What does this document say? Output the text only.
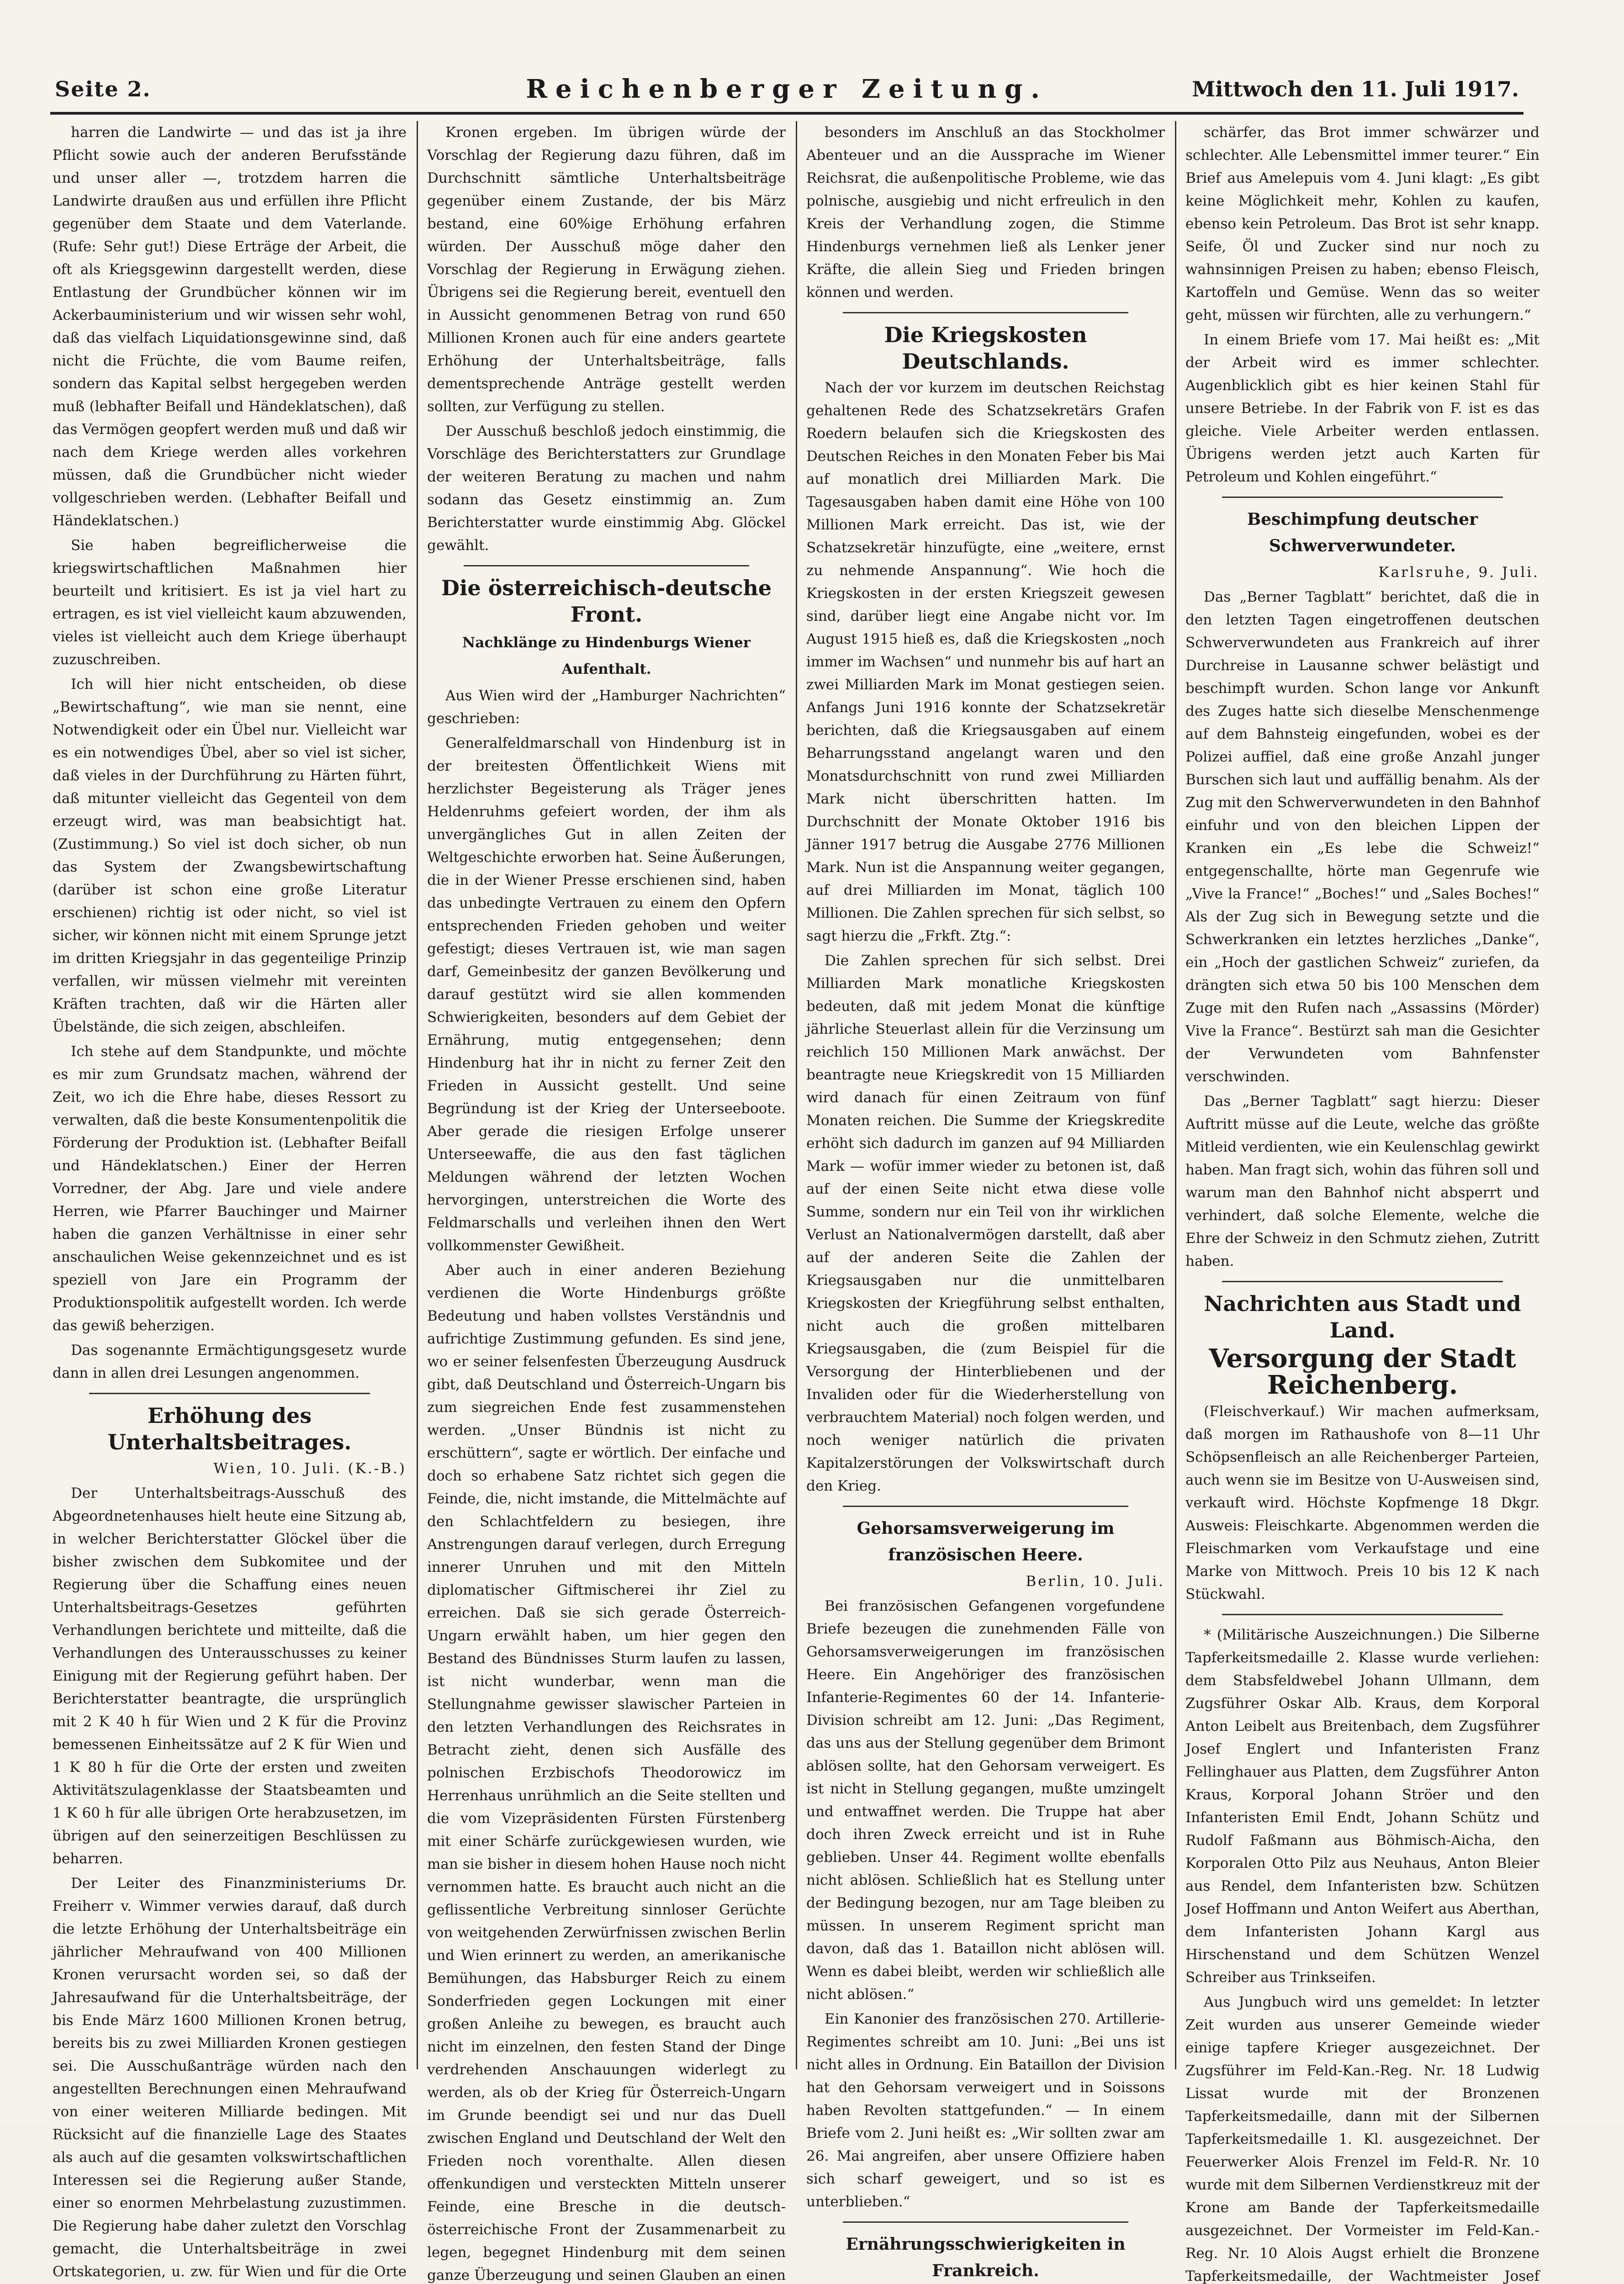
Seite 2.	Reichenberger Zeitung.	Mittwoch den 11. Juli 1917.

harren die Landwirte — und das ist ja ihre Pflicht sowie auch der anderen Berufsstände und unser aller —, trotzdem harren die Landwirte draußen aus und erfüllen ihre Pflicht gegenüber dem Staate und dem Vaterlande. (Rufe: Sehr gut!) Diese Erträge der Arbeit, die oft als Kriegsgewinn dargestellt werden, diese Entlastung der Grundbücher können wir im Ackerbauministerium und wir wissen sehr wohl, daß das vielfach Liquidationsgewinne sind, daß nicht die Früchte, die vom Baume reifen, sondern das Kapital selbst hergegeben werden muß (lebhafter Beifall und Händeklatschen), daß das Vermögen geopfert werden muß und daß wir nach dem Kriege werden alles vorkehren müssen, daß die Grundbücher nicht wieder vollgeschrieben werden. (Lebhafter Beifall und Händeklatschen.)

Sie haben begreiflicherweise die kriegswirtschaftlichen Maßnahmen hier beurteilt und kritisiert. Es ist ja viel hart zu ertragen, es ist viel vielleicht kaum abzuwenden, vieles ist vielleicht auch dem Kriege überhaupt zuzuschreiben.

Ich will hier nicht entscheiden, ob diese „Bewirtschaftung“, wie man sie nennt, eine Notwendigkeit oder ein Übel nur. Vielleicht war es ein notwendiges Übel, aber so viel ist sicher, daß vieles in der Durchführung zu Härten führt, daß mitunter vielleicht das Gegenteil von dem erzeugt wird, was man beabsichtigt hat. (Zustimmung.) So viel ist doch sicher, ob nun das System der Zwangsbewirtschaftung (darüber ist schon eine große Literatur erschienen) richtig ist oder nicht, so viel ist sicher, wir können nicht mit einem Sprunge jetzt im dritten Kriegsjahr in das gegenteilige Prinzip verfallen, wir müssen vielmehr mit vereinten Kräften trachten, daß wir die Härten aller Übelstände, die sich zeigen, abschleifen.

Ich stehe auf dem Standpunkte, und möchte es mir zum Grundsatz machen, während der Zeit, wo ich die Ehre habe, dieses Ressort zu verwalten, daß die beste Konsumentenpolitik die Förderung der Produktion ist. (Lebhafter Beifall und Händeklatschen.) Einer der Herren Vorredner, der Abg. Jare und viele andere Herren, wie Pfarrer Bauchinger und Mairner haben die ganzen Verhältnisse in einer sehr anschaulichen Weise gekennzeichnet und es ist speziell von Jare ein Programm der Produktionspolitik aufgestellt worden. Ich werde das gewiß beherzigen.

Das sogenannte Ermächtigungsgesetz wurde dann in allen drei Lesungen angenommen.

Erhöhung des Unterhaltsbeitrages.

Wien, 10. Juli. (K.-B.)

Der Unterhaltsbeitrags-Ausschuß des Abgeordnetenhauses hielt heute eine Sitzung ab, in welcher Berichterstatter Glöckel über die bisher zwischen dem Subkomitee und der Regierung über die Schaffung eines neuen Unterhaltsbeitrags-Gesetzes geführten Verhandlungen berichtete und mitteilte, daß die Verhandlungen des Unterausschusses zu keiner Einigung mit der Regierung geführt haben. Der Berichterstatter beantragte, die ursprünglich mit 2 K 40 h für Wien und 2 K für die Provinz bemessenen Einheitssätze auf 2 K für Wien und 1 K 80 h für die Orte der ersten und zweiten Aktivitätszulagenklasse der Staatsbeamten und 1 K 60 h für alle übrigen Orte herabzusetzen, im übrigen auf den seinerzeitigen Beschlüssen zu beharren.

Der Leiter des Finanzministeriums Dr. Freiherr v. Wimmer verwies darauf, daß durch die letzte Erhöhung der Unterhaltsbeiträge ein jährlicher Mehraufwand von 400 Millionen Kronen verursacht worden sei, so daß der Jahresaufwand für die Unterhaltsbeiträge, der bis Ende März 1600 Millionen Kronen betrug, bereits bis zu zwei Milliarden Kronen gestiegen sei. Die Ausschußanträge würden nach den angestellten Berechnungen einen Mehraufwand von einer weiteren Milliarde bedingen. Mit Rücksicht auf die finanzielle Lage des Staates als auch auf die gesamten volkswirtschaftlichen Interessen sei die Regierung außer Stande, einer so enormen Mehrbelastung zuzustimmen. Die Regierung habe daher zuletzt den Vorschlag gemacht, die Unterhaltsbeiträge in zwei Ortskategorien, u. zw. für Wien und für die Orte

Kronen ergeben. Im übrigen würde der Vorschlag der Regierung dazu führen, daß im Durchschnitt sämtliche Unterhaltsbeiträge gegenüber einem Zustande, der bis März bestand, eine 60%ige Erhöhung erfahren würden. Der Ausschuß möge daher den Vorschlag der Regierung in Erwägung ziehen. Übrigens sei die Regierung bereit, eventuell den in Aussicht genommenen Betrag von rund 650 Millionen Kronen auch für eine anders geartete Erhöhung der Unterhaltsbeiträge, falls dementsprechende Anträge gestellt werden sollten, zur Verfügung zu stellen.

Der Ausschuß beschloß jedoch einstimmig, die Vorschläge des Berichterstatters zur Grundlage der weiteren Beratung zu machen und nahm sodann das Gesetz einstimmig an. Zum Berichterstatter wurde einstimmig Abg. Glöckel gewählt.

Die österreichisch-deutsche Front.

Nachklänge zu Hindenburgs Wiener Aufenthalt.

Aus Wien wird der „Hamburger Nachrichten“ geschrieben:

Generalfeldmarschall von Hindenburg ist in der breitesten Öffentlichkeit Wiens mit herzlichster Begeisterung als Träger jenes Heldenruhms gefeiert worden, der ihm als unvergängliches Gut in allen Zeiten der Weltgeschichte erworben hat. Seine Äußerungen, die in der Wiener Presse erschienen sind, haben das unbedingte Vertrauen zu einem den Opfern entsprechenden Frieden gehoben und weiter gefestigt; dieses Vertrauen ist, wie man sagen darf, Gemeinbesitz der ganzen Bevölkerung und darauf gestützt wird sie allen kommenden Schwierigkeiten, besonders auf dem Gebiet der Ernährung, mutig entgegensehen; denn Hindenburg hat ihr in nicht zu ferner Zeit den Frieden in Aussicht gestellt. Und seine Begründung ist der Krieg der Unterseeboote. Aber gerade die riesigen Erfolge unserer Unterseewaffe, die aus den fast täglichen Meldungen während der letzten Wochen hervorgingen, unterstreichen die Worte des Feldmarschalls und verleihen ihnen den Wert vollkommenster Gewißheit.

Aber auch in einer anderen Beziehung verdienen die Worte Hindenburgs größte Bedeutung und haben vollstes Verständnis und aufrichtige Zustimmung gefunden. Es sind jene, wo er seiner felsenfesten Überzeugung Ausdruck gibt, daß Deutschland und Österreich-Ungarn bis zum siegreichen Ende fest zusammenstehen werden. „Unser Bündnis ist nicht zu erschüttern“, sagte er wörtlich. Der einfache und doch so erhabene Satz richtet sich gegen die Feinde, die, nicht imstande, die Mittelmächte auf den Schlachtfeldern zu besiegen, ihre Anstrengungen darauf verlegen, durch Erregung innerer Unruhen und mit den Mitteln diplomatischer Giftmischerei ihr Ziel zu erreichen. Daß sie sich gerade Österreich-Ungarn erwählt haben, um hier gegen den Bestand des Bündnisses Sturm laufen zu lassen, ist nicht wunderbar, wenn man die Stellungnahme gewisser slawischer Parteien in den letzten Verhandlungen des Reichsrates in Betracht zieht, denen sich Ausfälle des polnischen Erzbischofs Theodorowicz im Herrenhaus unrühmlich an die Seite stellten und die vom Vizepräsidenten Fürsten Fürstenberg mit einer Schärfe zurückgewiesen wurden, wie man sie bisher in diesem hohen Hause noch nicht vernommen hatte. Es braucht auch nicht an die geflissentliche Verbreitung sinnloser Gerüchte von weitgehenden Zerwürfnissen zwischen Berlin und Wien erinnert zu werden, an amerikanische Bemühungen, das Habsburger Reich zu einem Sonderfrieden gegen Lockungen mit einer großen Anleihe zu bewegen, es braucht auch nicht im einzelnen, den festen Stand der Dinge verdrehenden Anschauungen widerlegt zu werden, als ob der Krieg für Österreich-Ungarn im Grunde beendigt sei und nur das Duell zwischen England und Deutschland der Welt den Frieden noch vorenthalte. Allen diesen offenkundigen und versteckten Mitteln unserer Feinde, eine Bresche in die deutsch-österreichische Front der Zusammenarbeit zu legen, begegnet Hindenburg mit dem seinen ganze Überzeugung und seinen Glauben an einen

besonders im Anschluß an das Stockholmer Abenteuer und an die Aussprache im Wiener Reichsrat, die außenpolitische Probleme, wie das polnische, ausgiebig und nicht erfreulich in den Kreis der Verhandlung zogen, die Stimme Hindenburgs vernehmen ließ als Lenker jener Kräfte, die allein Sieg und Frieden bringen können und werden.

Die Kriegskosten Deutschlands.

Nach der vor kurzem im deutschen Reichstag gehaltenen Rede des Schatzsekretärs Grafen Roedern belaufen sich die Kriegskosten des Deutschen Reiches in den Monaten Feber bis Mai auf monatlich drei Milliarden Mark. Die Tagesausgaben haben damit eine Höhe von 100 Millionen Mark erreicht. Das ist, wie der Schatzsekretär hinzufügte, eine „weitere, ernst zu nehmende Anspannung“. Wie hoch die Kriegskosten in der ersten Kriegszeit gewesen sind, darüber liegt eine Angabe nicht vor. Im August 1915 hieß es, daß die Kriegskosten „noch immer im Wachsen“ und nunmehr bis auf hart an zwei Milliarden Mark im Monat gestiegen seien. Anfangs Juni 1916 konnte der Schatzsekretär berichten, daß die Kriegsausgaben auf einem Beharrungsstand angelangt waren und den Monatsdurchschnitt von rund zwei Milliarden Mark nicht überschritten hatten. Im Durchschnitt der Monate Oktober 1916 bis Jänner 1917 betrug die Ausgabe 2776 Millionen Mark. Nun ist die Anspannung weiter gegangen, auf drei Milliarden im Monat, täglich 100 Millionen. Die Zahlen sprechen für sich selbst, so sagt hierzu die „Frkft. Ztg.“:

Die Zahlen sprechen für sich selbst. Drei Milliarden Mark monatliche Kriegskosten bedeuten, daß mit jedem Monat die künftige jährliche Steuerlast allein für die Verzinsung um reichlich 150 Millionen Mark anwächst. Der beantragte neue Kriegskredit von 15 Milliarden wird danach für einen Zeitraum von fünf Monaten reichen. Die Summe der Kriegskredite erhöht sich dadurch im ganzen auf 94 Milliarden Mark — wofür immer wieder zu betonen ist, daß auf der einen Seite nicht etwa diese volle Summe, sondern nur ein Teil von ihr wirklichen Verlust an Nationalvermögen darstellt, daß aber auf der anderen Seite die Zahlen der Kriegsausgaben nur die unmittelbaren Kriegskosten der Kriegführung selbst enthalten, nicht auch die großen mittelbaren Kriegsausgaben, die (zum Beispiel für die Versorgung der Hinterbliebenen und der Invaliden oder für die Wiederherstellung von verbrauchtem Material) noch folgen werden, und noch weniger natürlich die privaten Kapitalzerstörungen der Volkswirtschaft durch den Krieg.

Gehorsamsverweigerung im französischen Heere.

Berlin, 10. Juli.

Bei französischen Gefangenen vorgefundene Briefe bezeugen die zunehmenden Fälle von Gehorsamsverweigerungen im französischen Heere. Ein Angehöriger des französischen Infanterie-Regimentes 60 der 14. Infanterie-Division schreibt am 12. Juni: „Das Regiment, das uns aus der Stellung gegenüber dem Brimont ablösen sollte, hat den Gehorsam verweigert. Es ist nicht in Stellung gegangen, mußte umzingelt und entwaffnet werden. Die Truppe hat aber doch ihren Zweck erreicht und ist in Ruhe geblieben. Unser 44. Regiment wollte ebenfalls nicht ablösen. Schließlich hat es Stellung unter der Bedingung bezogen, nur am Tage bleiben zu müssen. In unserem Regiment spricht man davon, daß das 1. Bataillon nicht ablösen will. Wenn es dabei bleibt, werden wir schließlich alle nicht ablösen.“

Ein Kanonier des französischen 270. Artillerie-Regimentes schreibt am 10. Juni: „Bei uns ist nicht alles in Ordnung. Ein Bataillon der Division hat den Gehorsam verweigert und in Soissons haben Revolten stattgefunden.“ — In einem Briefe vom 2. Juni heißt es: „Wir sollten zwar am 26. Mai angreifen, aber unsere Offiziere haben sich scharf geweigert, und so ist es unterblieben.“

Ernährungsschwierigkeiten in Frankreich.

schärfer, das Brot immer schwärzer und schlechter. Alle Lebensmittel immer teurer.“ Ein Brief aus Amelepuis vom 4. Juni klagt: „Es gibt keine Möglichkeit mehr, Kohlen zu kaufen, ebenso kein Petroleum. Das Brot ist sehr knapp. Seife, Öl und Zucker sind nur noch zu wahnsinnigen Preisen zu haben; ebenso Fleisch, Kartoffeln und Gemüse. Wenn das so weiter geht, müssen wir fürchten, alle zu verhungern.“

In einem Briefe vom 17. Mai heißt es: „Mit der Arbeit wird es immer schlechter. Augenblicklich gibt es hier keinen Stahl für unsere Betriebe. In der Fabrik von F. ist es das gleiche. Viele Arbeiter werden entlassen. Übrigens werden jetzt auch Karten für Petroleum und Kohlen eingeführt.“

Beschimpfung deutscher Schwerverwundeter.

Karlsruhe, 9. Juli.

Das „Berner Tagblatt“ berichtet, daß die in den letzten Tagen eingetroffenen deutschen Schwerverwundeten aus Frankreich auf ihrer Durchreise in Lausanne schwer belästigt und beschimpft wurden. Schon lange vor Ankunft des Zuges hatte sich dieselbe Menschenmenge auf dem Bahnsteig eingefunden, wobei es der Polizei auffiel, daß eine große Anzahl junger Burschen sich laut und auffällig benahm. Als der Zug mit den Schwerverwundeten in den Bahnhof einfuhr und von den bleichen Lippen der Kranken ein „Es lebe die Schweiz!“ entgegenschallte, hörte man Gegenrufe wie „Vive la France!“ „Boches!“ und „Sales Boches!“ Als der Zug sich in Bewegung setzte und die Schwerkranken ein letztes herzliches „Danke“, ein „Hoch der gastlichen Schweiz“ zuriefen, da drängten sich etwa 50 bis 100 Menschen dem Zuge mit den Rufen nach „Assassins (Mörder) Vive la France“. Bestürzt sah man die Gesichter der Verwundeten vom Bahnfenster verschwinden.

Das „Berner Tagblatt“ sagt hierzu: Dieser Auftritt müsse auf die Leute, welche das größte Mitleid verdienten, wie ein Keulenschlag gewirkt haben. Man fragt sich, wohin das führen soll und warum man den Bahnhof nicht absperrt und verhindert, daß solche Elemente, welche die Ehre der Schweiz in den Schmutz ziehen, Zutritt haben.

Nachrichten aus Stadt und Land.

Versorgung der Stadt Reichenberg.

(Fleischverkauf.) Wir machen aufmerksam, daß morgen im Rathaushofe von 8—11 Uhr Schöpsenfleisch an alle Reichenberger Parteien, auch wenn sie im Besitze von U-Ausweisen sind, verkauft wird. Höchste Kopfmenge 18 Dkgr. Ausweis: Fleischkarte. Abgenommen werden die Fleischmarken vom Verkaufstage und eine Marke von Mittwoch. Preis 10 bis 12 K nach Stückwahl.

* (Militärische Auszeichnungen.) Die Silberne Tapferkeitsmedaille 2. Klasse wurde verliehen: dem Stabsfeldwebel Johann Ullmann, dem Zugsführer Oskar Alb. Kraus, dem Korporal Anton Leibelt aus Breitenbach, dem Zugsführer Josef Englert und Infanteristen Franz Fellinghauer aus Platten, dem Zugsführer Anton Kraus, Korporal Johann Ströer und den Infanteristen Emil Endt, Johann Schütz und Rudolf Faßmann aus Böhmisch-Aicha, den Korporalen Otto Pilz aus Neuhaus, Anton Bleier aus Rendel, dem Infanteristen bzw. Schützen Josef Hoffmann und Anton Weifert aus Aberthan, dem Infanteristen Johann Kargl aus Hirschenstand und dem Schützen Wenzel Schreiber aus Trinkseifen.

Aus Jungbuch wird uns gemeldet: In letzter Zeit wurden aus unserer Gemeinde wieder einige tapfere Krieger ausgezeichnet. Der Zugsführer im Feld-Kan.-Reg. Nr. 18 Ludwig Lissat wurde mit der Bronzenen Tapferkeitsmedaille, dann mit der Silbernen Tapferkeitsmedaille 1. Kl. ausgezeichnet. Der Feuerwerker Alois Frenzel im Feld-R. Nr. 10 wurde mit dem Silbernen Verdienstkreuz mit der Krone am Bande der Tapferkeitsmedaille ausgezeichnet. Der Vormeister im Feld-Kan.-Reg. Nr. 10 Alois Augst erhielt die Bronzene Tapferkeitsmedaille, der Wachtmeister Josef
